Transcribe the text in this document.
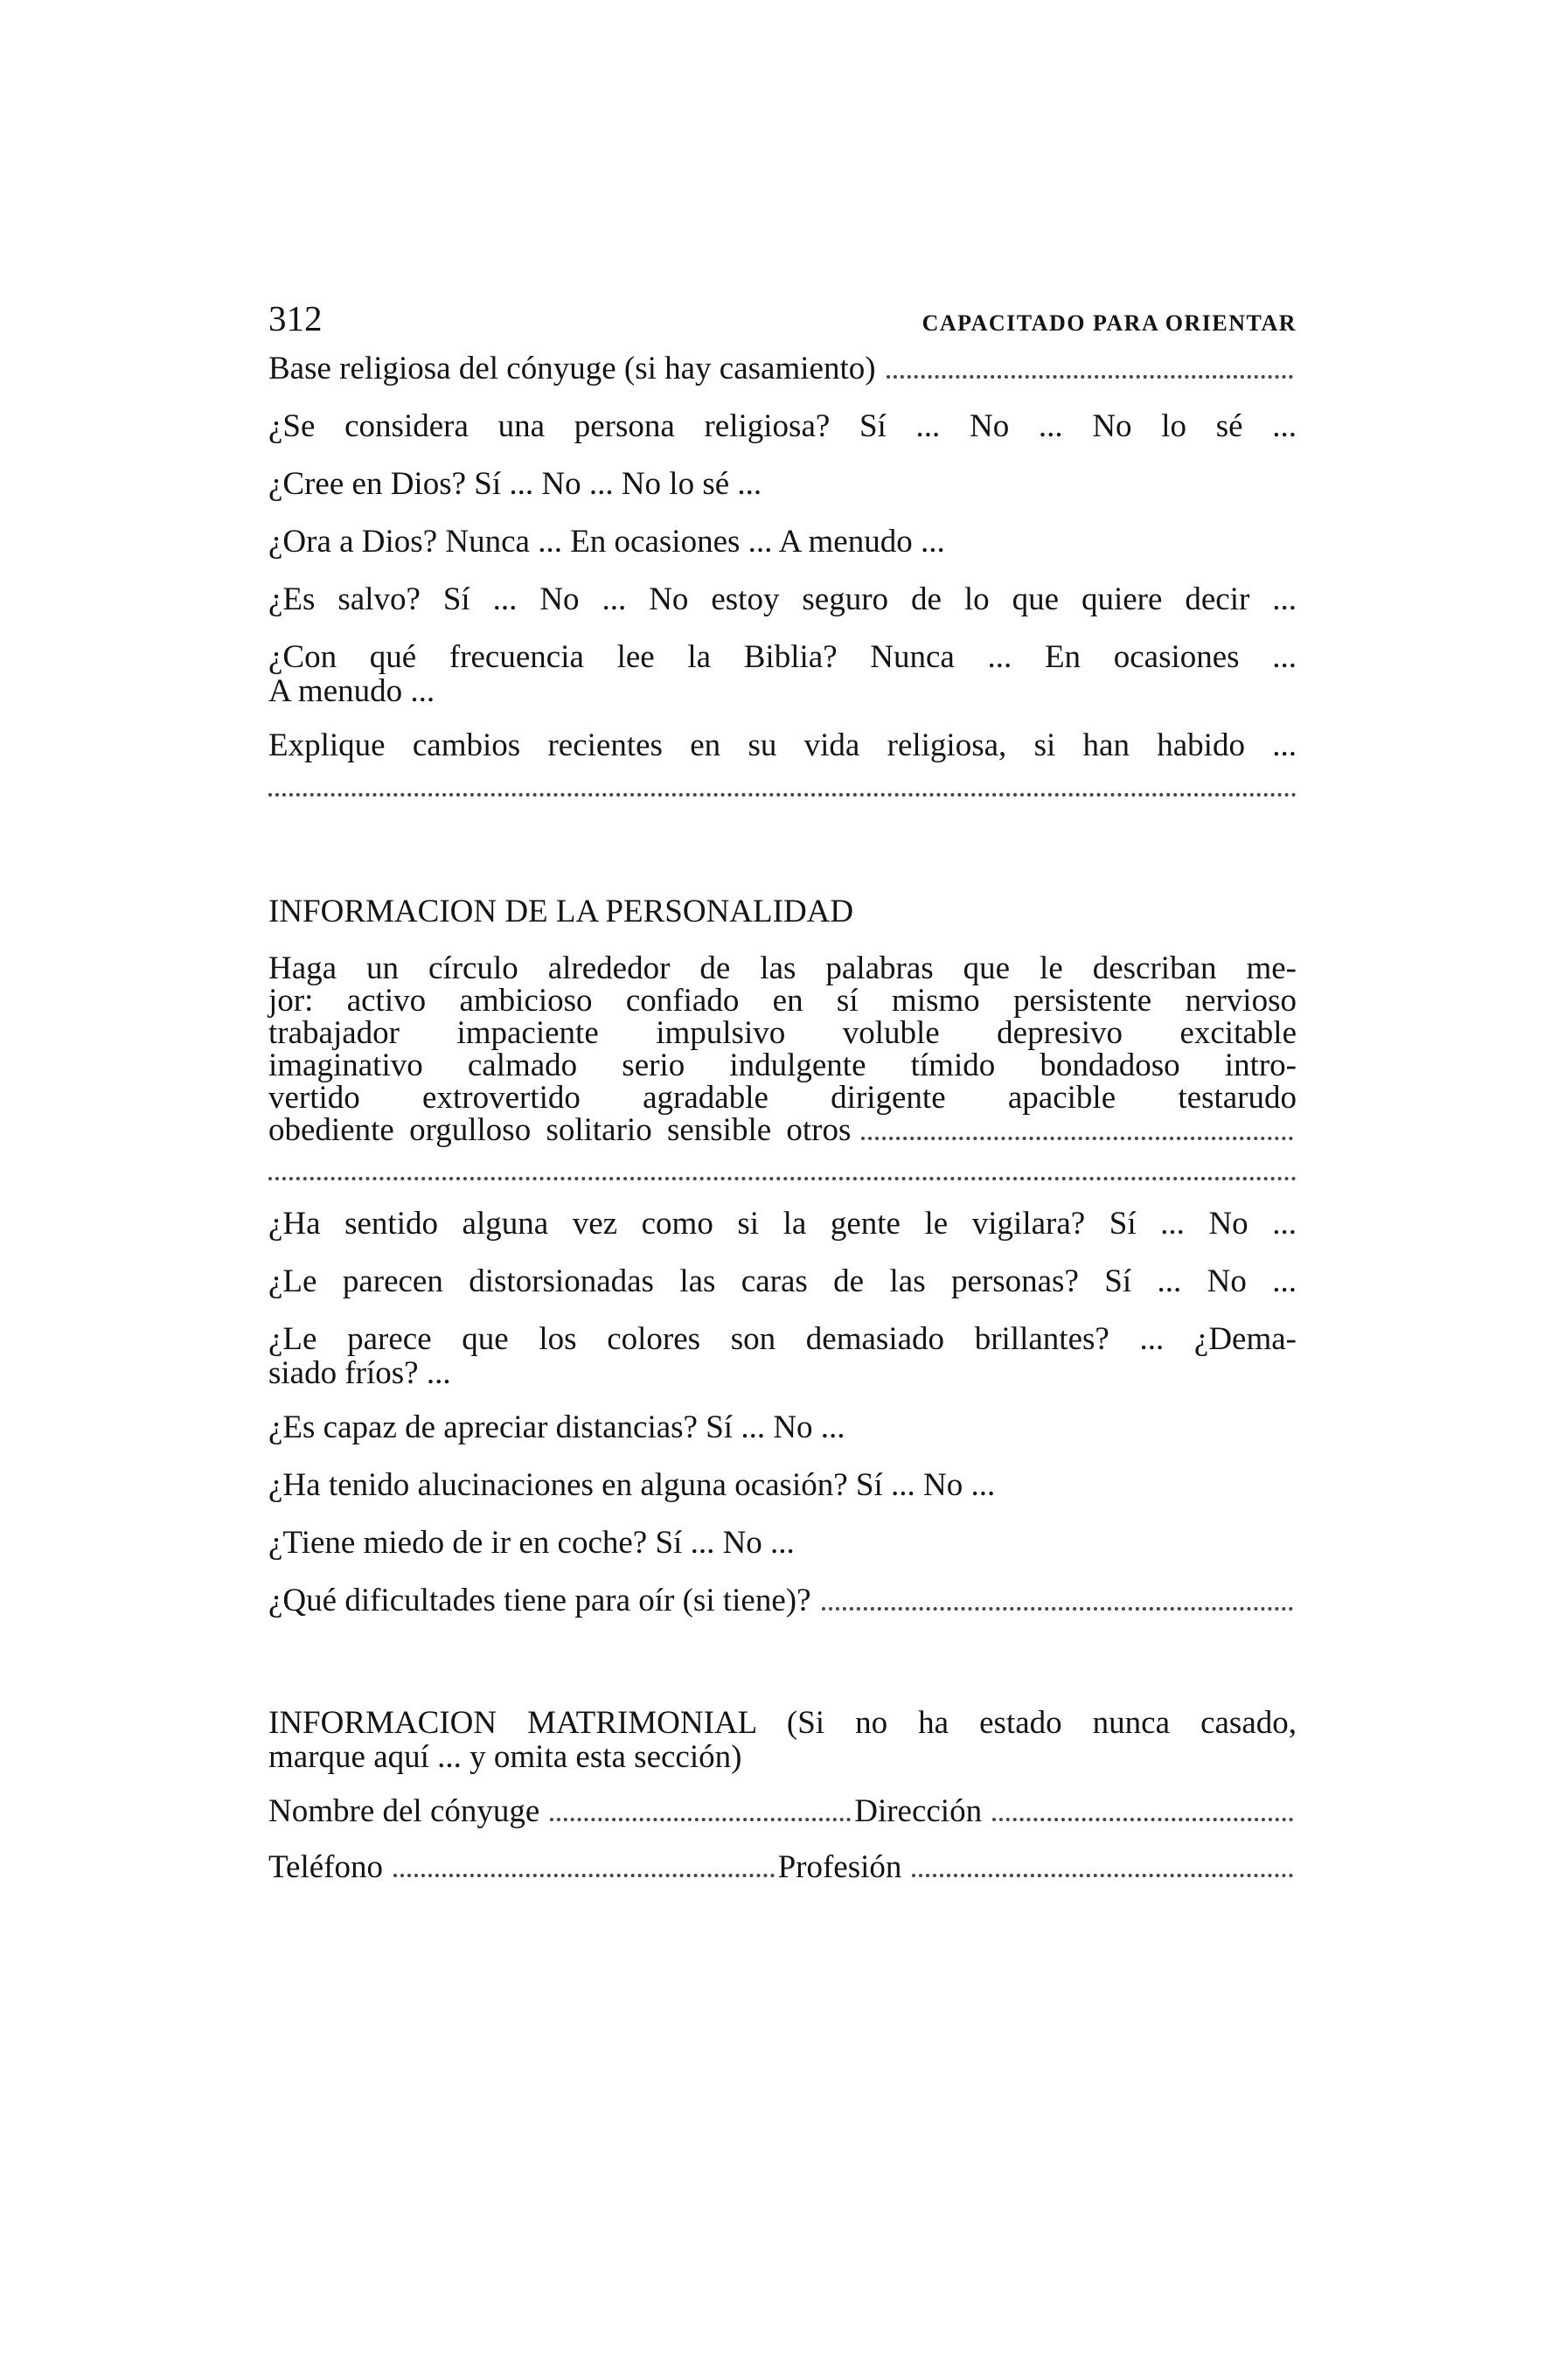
312	CAPACITADO PARA ORIENTAR
Base religiosa del cónyuge (si hay casamiento)
¿Se considera una persona religiosa? Sí ... No ... No lo sé ...
¿Cree en Dios? Sí ... No ... No lo sé ...
¿Ora a Dios? Nunca ... En ocasiones ... A menudo ...
¿Es salvo? Sí ... No ... No estoy seguro de lo que quiere decir ...
¿Con qué frecuencia lee la Biblia? Nunca ... En ocasiones ...
A menudo ...
Explique cambios recientes en su vida religiosa, si han habido ...
INFORMACION DE LA PERSONALIDAD
Haga un círculo alrededor de las palabras que le describan me-
jor: activo ambicioso confiado en sí mismo persistente nervioso
trabajador impaciente impulsivo voluble depresivo excitable
imaginativo calmado serio indulgente tímido bondadoso intro-
vertido extrovertido agradable dirigente apacible testarudo
obediente orgulloso solitario sensible otros
¿Ha sentido alguna vez como si la gente le vigilara? Sí ... No ...
¿Le parecen distorsionadas las caras de las personas? Sí ... No ...
¿Le parece que los colores son demasiado brillantes? ... ¿Dema-
siado fríos? ...
¿Es capaz de apreciar distancias? Sí ... No ...
¿Ha tenido alucinaciones en alguna ocasión? Sí ... No ...
¿Tiene miedo de ir en coche? Sí ... No ...
¿Qué dificultades tiene para oír (si tiene)?
INFORMACION MATRIMONIAL (Si no ha estado nunca casado,
marque aquí ... y omita esta sección)
Nombre del cónyuge	Dirección
Teléfono	Profesión
